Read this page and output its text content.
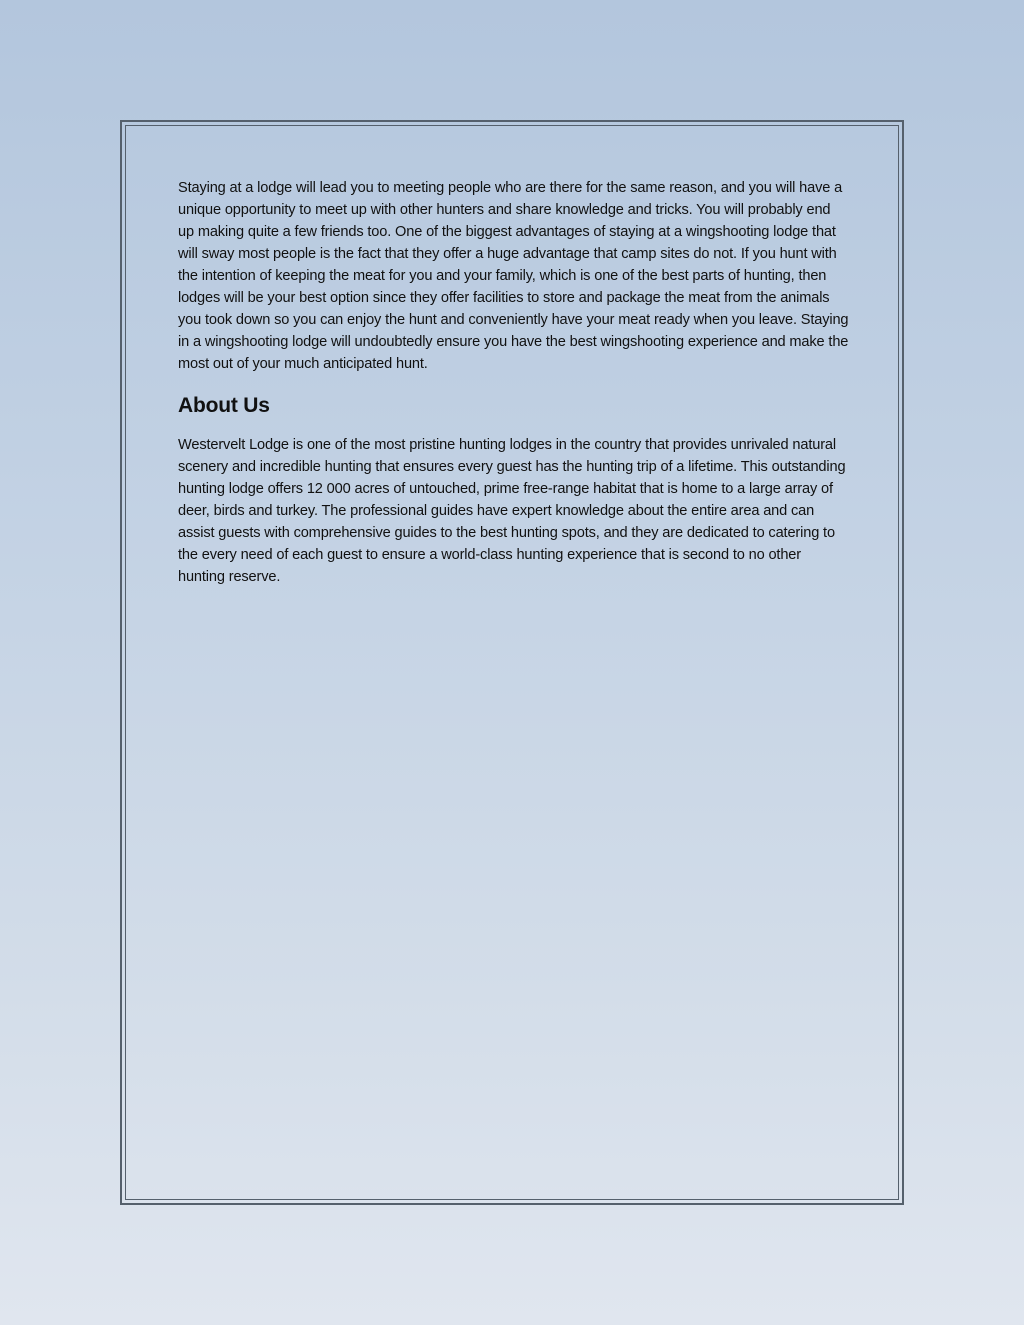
Staying at a lodge will lead you to meeting people who are there for the same reason, and you will have a unique opportunity to meet up with other hunters and share knowledge and tricks. You will probably end up making quite a few friends too. One of the biggest advantages of staying at a wingshooting lodge that will sway most people is the fact that they offer a huge advantage that camp sites do not. If you hunt with the intention of keeping the meat for you and your family, which is one of the best parts of hunting, then lodges will be your best option since they offer facilities to store and package the meat from the animals you took down so you can enjoy the hunt and conveniently have your meat ready when you leave. Staying in a wingshooting lodge will undoubtedly ensure you have the best wingshooting experience and make the most out of your much anticipated hunt.

About Us

Westervelt Lodge is one of the most pristine hunting lodges in the country that provides unrivaled natural scenery and incredible hunting that ensures every guest has the hunting trip of a lifetime. This outstanding hunting lodge offers 12 000 acres of untouched, prime free-range habitat that is home to a large array of deer, birds and turkey. The professional guides have expert knowledge about the entire area and can assist guests with comprehensive guides to the best hunting spots, and they are dedicated to catering to the every need of each guest to ensure a world-class hunting experience that is second to no other hunting reserve.
